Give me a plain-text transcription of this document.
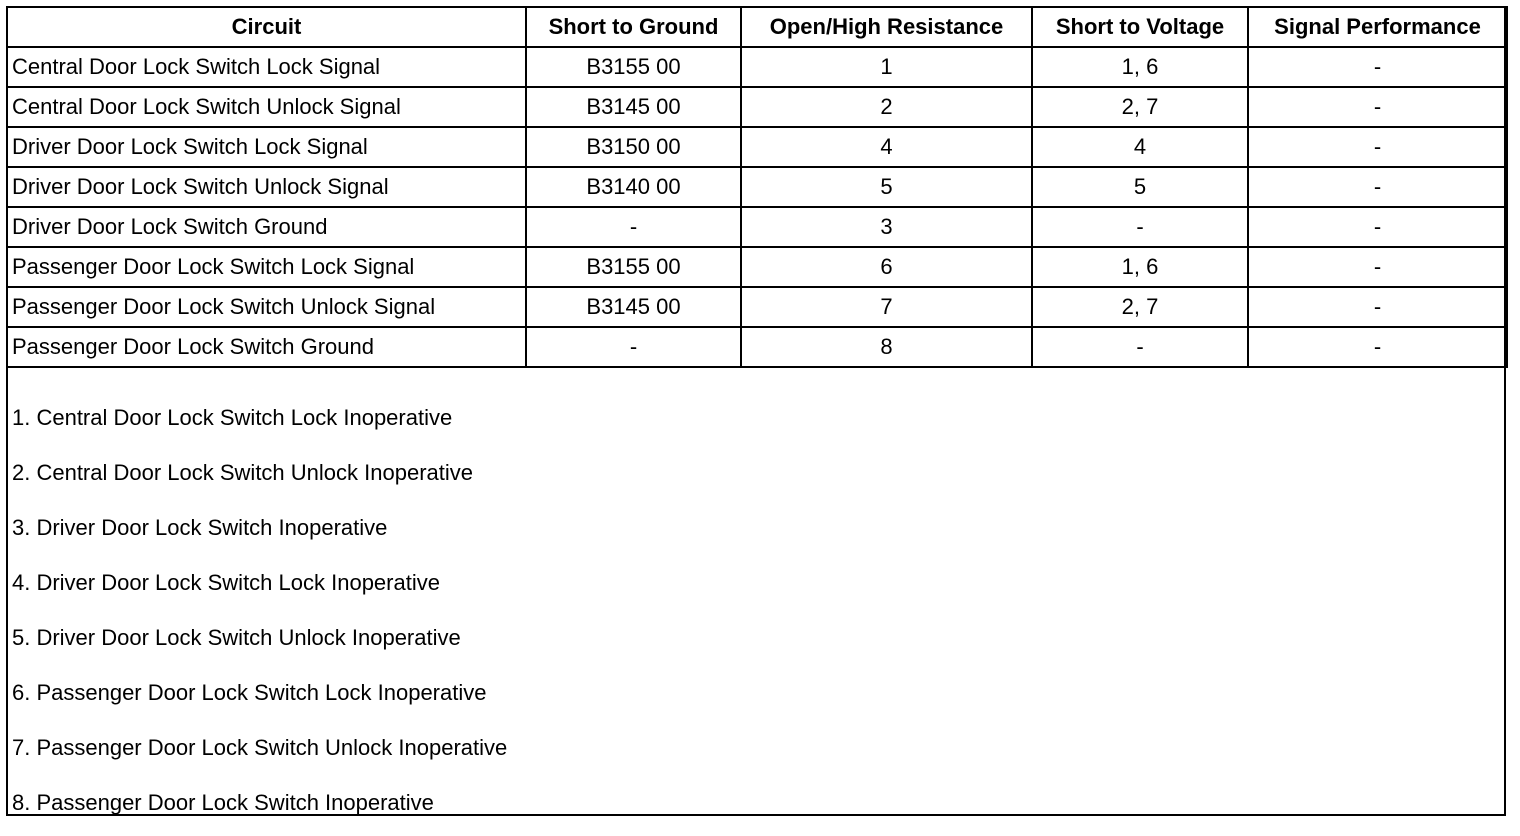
Circuit	Short to Ground	Open/High Resistance	Short to Voltage	Signal Performance
Central Door Lock Switch Lock Signal	B3155 00	1	1, 6	-
Central Door Lock Switch Unlock Signal	B3145 00	2	2, 7	-
Driver Door Lock Switch Lock Signal	B3150 00	4	4	-
Driver Door Lock Switch Unlock Signal	B3140 00	5	5	-
Driver Door Lock Switch Ground	-	3	-	-
Passenger Door Lock Switch Lock Signal	B3155 00	6	1, 6	-
Passenger Door Lock Switch Unlock Signal	B3145 00	7	2, 7	-
Passenger Door Lock Switch Ground	-	8	-	-
1. Central Door Lock Switch Lock Inoperative
2. Central Door Lock Switch Unlock Inoperative
3. Driver Door Lock Switch Inoperative
4. Driver Door Lock Switch Lock Inoperative
5. Driver Door Lock Switch Unlock Inoperative
6. Passenger Door Lock Switch Lock Inoperative
7. Passenger Door Lock Switch Unlock Inoperative
8. Passenger Door Lock Switch Inoperative
